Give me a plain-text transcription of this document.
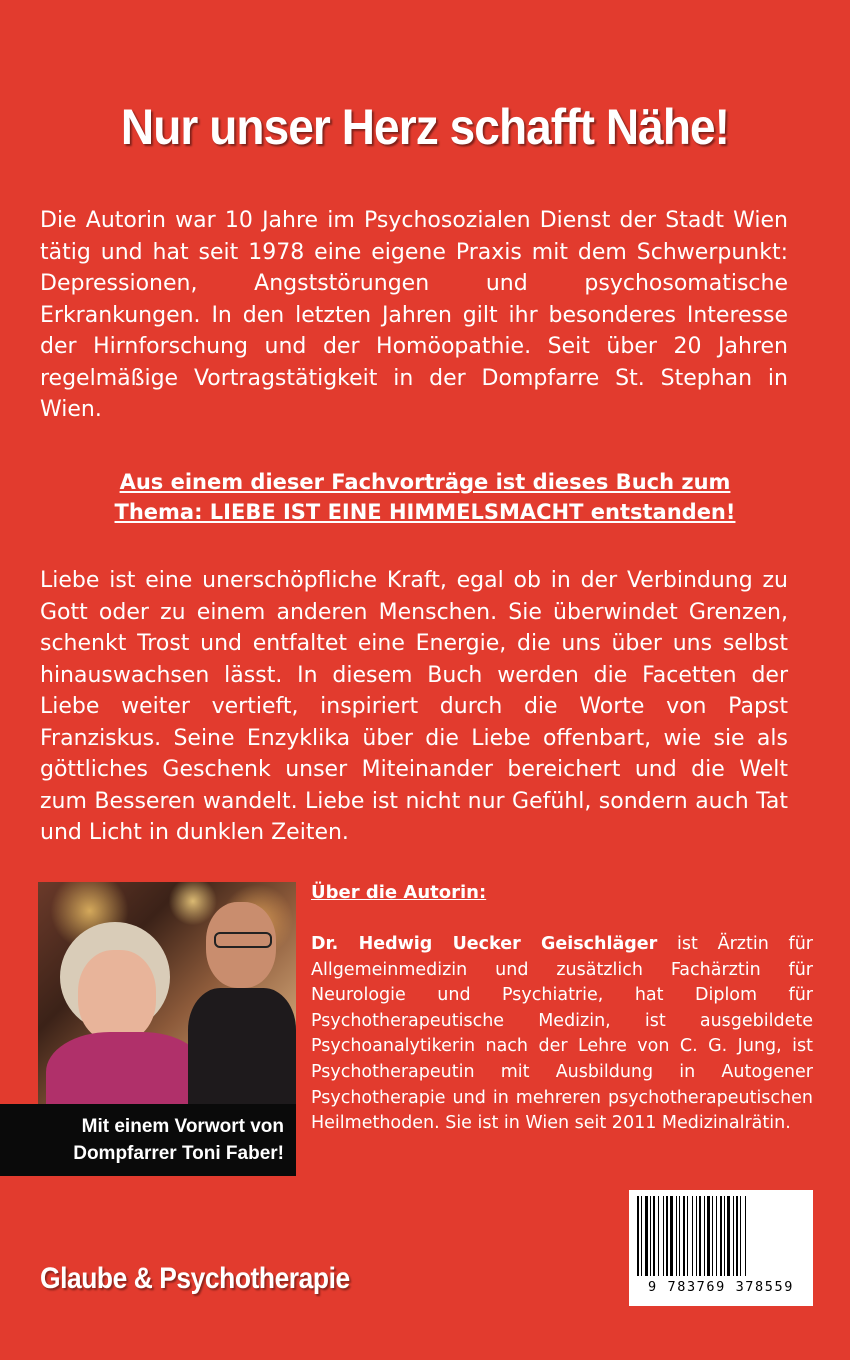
Nur unser Herz schafft Nähe!

Die Autorin war 10 Jahre im Psychosozialen Dienst der Stadt Wien tätig und hat seit 1978 eine eigene Praxis mit dem Schwerpunkt: Depressionen, Angststörungen und psychosomatische Erkrankungen. In den letzten Jahren gilt ihr besonderes Interesse der Hirnforschung und der Homöopathie. Seit über 20 Jahren regelmäßige Vortragstätigkeit in der Dompfarre St. Stephan in Wien.

Aus einem dieser Fachvorträge ist dieses Buch zum
Thema: LIEBE IST EINE HIMMELSMACHT entstanden!

Liebe ist eine unerschöpfliche Kraft, egal ob in der Verbindung zu Gott oder zu einem anderen Menschen. Sie überwindet Grenzen, schenkt Trost und entfaltet eine Energie, die uns über uns selbst hinauswachsen lässt. In diesem Buch werden die Facetten der Liebe weiter vertieft, inspiriert durch die Worte von Papst Franziskus. Seine Enzyklika über die Liebe offenbart, wie sie als göttliches Geschenk unser Miteinander bereichert und die Welt zum Besseren wandelt. Liebe ist nicht nur Gefühl, sondern auch Tat und Licht in dunklen Zeiten.

Mit einem Vorwort von
Dompfarrer Toni Faber!
Über die Autorin:

Dr. Hedwig Uecker Geischläger ist Ärztin für Allgemeinmedizin und zusätzlich Fachärztin für Neurologie und Psychiatrie, hat Diplom für Psychotherapeutische Medizin, ist ausgebildete Psychoanalytikerin nach der Lehre von C. G. Jung, ist Psychotherapeutin mit Ausbildung in Autogener Psychotherapie und in mehreren psychotherapeutischen Heilmethoden. Sie ist in Wien seit 2011 Medizinalrätin.

Glaube & Psychotherapie	9 783769 378559
